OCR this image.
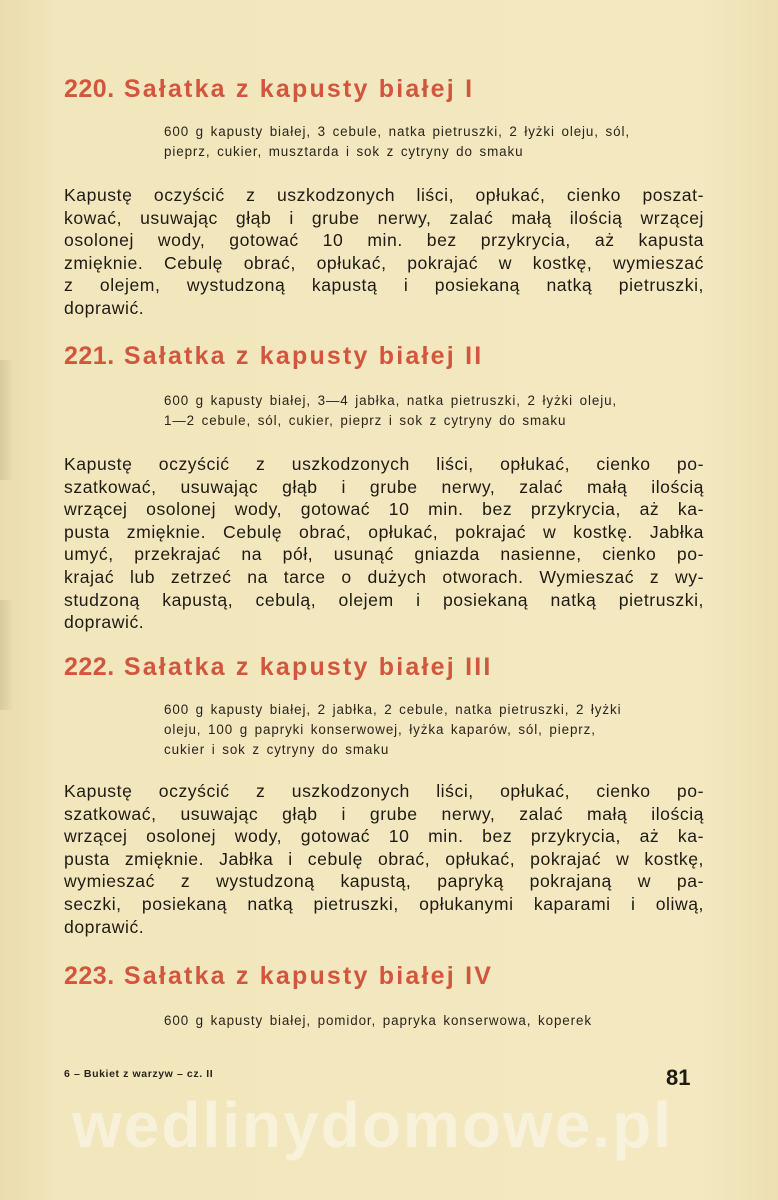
220. Sałatka z kapusty białej I
600 g kapusty białej, 3 cebule, natka pietruszki, 2 łyżki oleju, sól,
pieprz, cukier, musztarda i sok z cytryny do smaku
Kapustę oczyścić z uszkodzonych liści, opłukać, cienko poszat-
kować, usuwając głąb i grube nerwy, zalać małą ilością wrzącej
osolonej wody, gotować 10 min. bez przykrycia, aż kapusta
zmięknie. Cebulę obrać, opłukać, pokrajać w kostkę, wymieszać
z olejem, wystudzoną kapustą i posiekaną natką pietruszki,
doprawić.
221. Sałatka z kapusty białej II
600 g kapusty białej, 3—4 jabłka, natka pietruszki, 2 łyżki oleju,
1—2 cebule, sól, cukier, pieprz i sok z cytryny do smaku
Kapustę oczyścić z uszkodzonych liści, opłukać, cienko po-
szatkować, usuwając głąb i grube nerwy, zalać małą ilością
wrzącej osolonej wody, gotować 10 min. bez przykrycia, aż ka-
pusta zmięknie. Cebulę obrać, opłukać, pokrajać w kostkę. Jabłka
umyć, przekrajać na pół, usunąć gniazda nasienne, cienko po-
krajać lub zetrzeć na tarce o dużych otworach. Wymieszać z wy-
studzoną kapustą, cebulą, olejem i posiekaną natką pietruszki,
doprawić.
222. Sałatka z kapusty białej III
600 g kapusty białej, 2 jabłka, 2 cebule, natka pietruszki, 2 łyżki
oleju, 100 g papryki konserwowej, łyżka kaparów, sól, pieprz,
cukier i sok z cytryny do smaku
Kapustę oczyścić z uszkodzonych liści, opłukać, cienko po-
szatkować, usuwając głąb i grube nerwy, zalać małą ilością
wrzącej osolonej wody, gotować 10 min. bez przykrycia, aż ka-
pusta zmięknie. Jabłka i cebulę obrać, opłukać, pokrajać w kostkę,
wymieszać z wystudzoną kapustą, papryką pokrajaną w pa-
seczki, posiekaną natką pietruszki, opłukanymi kaparami i oliwą,
doprawić.
223. Sałatka z kapusty białej IV
600 g kapusty białej, pomidor, papryka konserwowa, koperek
6 – Bukiet z warzyw – cz. II	81
wedlinydomowe.pl
